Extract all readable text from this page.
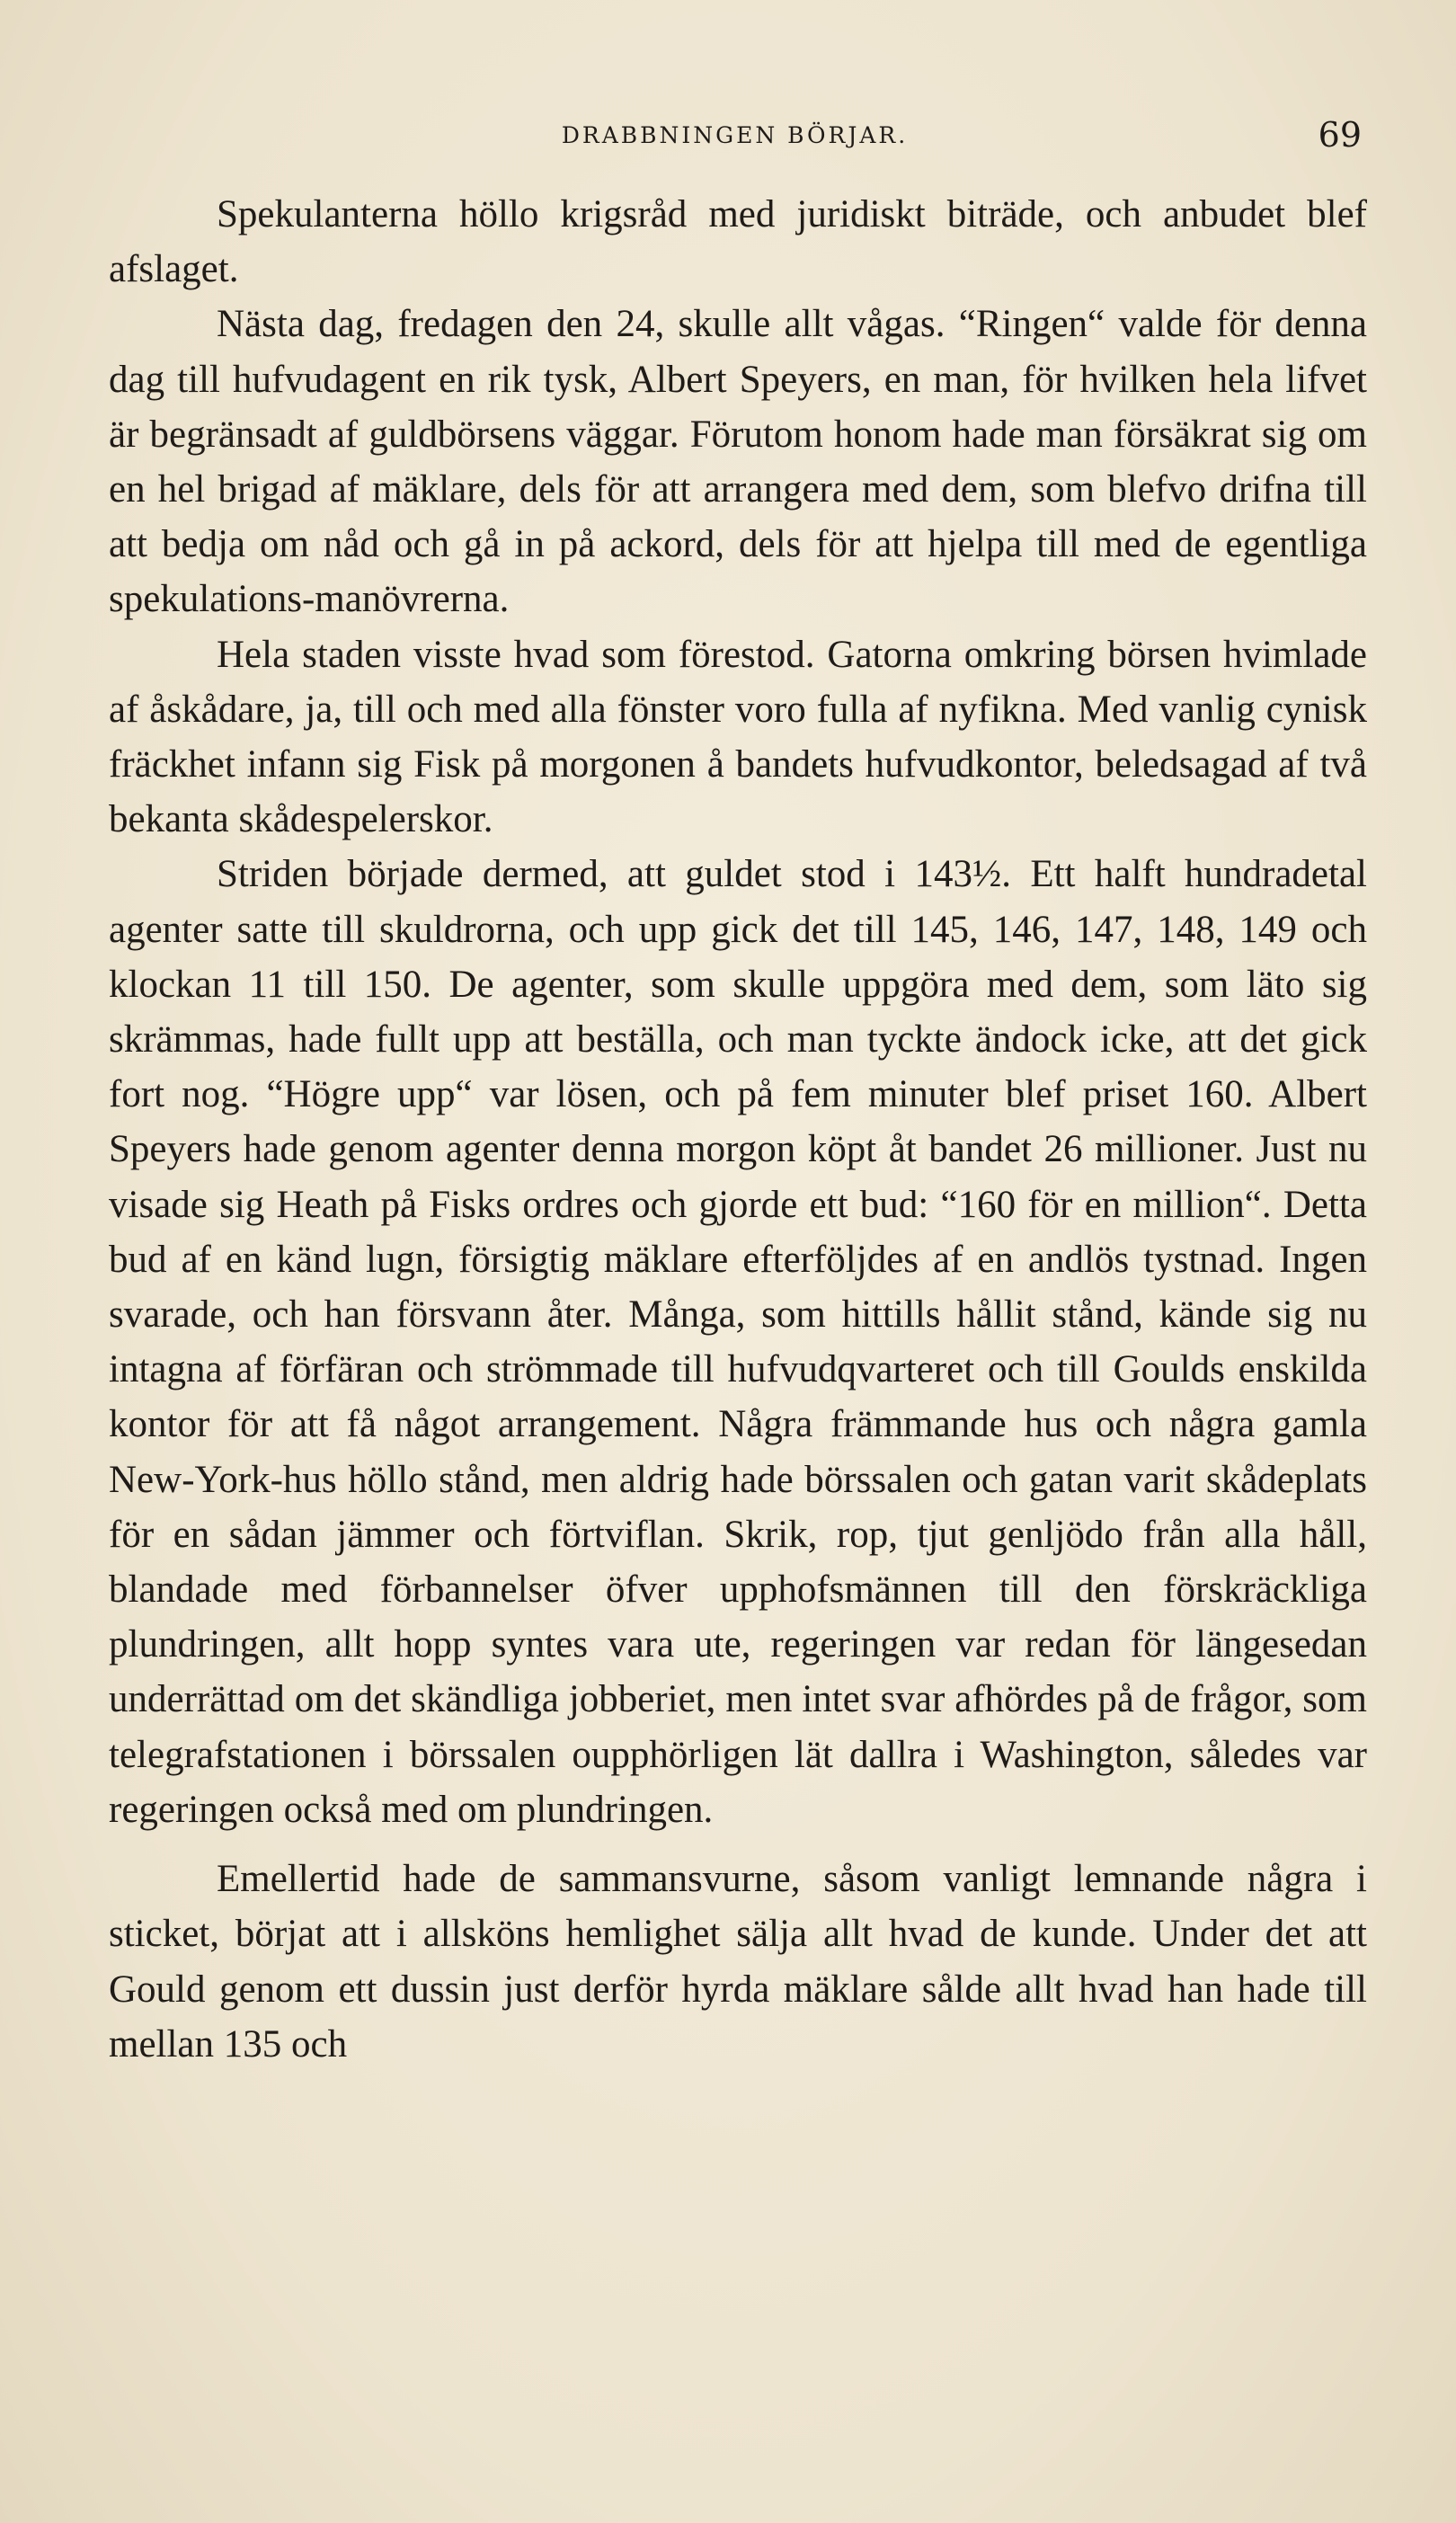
DRABBNINGEN BÖRJAR.	69

Spekulanterna höllo krigsråd med juridiskt biträde, och anbudet blef afslaget.

Nästa dag, fredagen den 24, skulle allt vågas. “Ringen“ valde för denna dag till hufvudagent en rik tysk, Albert Speyers, en man, för hvilken hela lifvet är begränsadt af guldbörsens väggar. Förutom honom hade man försäkrat sig om en hel brigad af mäklare, dels för att arrangera med dem, som blefvo drifna till att bedja om nåd och gå in på ackord, dels för att hjelpa till med de egentliga spekulations-manövrerna.

Hela staden visste hvad som förestod. Gatorna omkring börsen hvimlade af åskådare, ja, till och med alla fönster voro fulla af nyfikna. Med vanlig cynisk fräckhet infann sig Fisk på morgonen å bandets hufvudkontor, beledsagad af två bekanta skådespelerskor.

Striden började dermed, att guldet stod i 143½. Ett halft hundradetal agenter satte till skuldrorna, och upp gick det till 145, 146, 147, 148, 149 och klockan 11 till 150. De agenter, som skulle uppgöra med dem, som läto sig skrämmas, hade fullt upp att beställa, och man tyckte ändock icke, att det gick fort nog. “Högre upp“ var lösen, och på fem minuter blef priset 160. Albert Speyers hade genom agenter denna morgon köpt åt bandet 26 millioner. Just nu visade sig Heath på Fisks ordres och gjorde ett bud: “160 för en million“. Detta bud af en känd lugn, försigtig mäklare efterföljdes af en andlös tystnad. Ingen svarade, och han försvann åter. Många, som hittills hållit stånd, kände sig nu intagna af förfäran och strömmade till hufvudqvarteret och till Goulds enskilda kontor för att få något arrangement. Några främmande hus och några gamla New-York-hus höllo stånd, men aldrig hade börssalen och gatan varit skådeplats för en sådan jämmer och förtviflan. Skrik, rop, tjut genljödo från alla håll, blandade med förbannelser öfver upphofsmännen till den förskräckliga plundringen, allt hopp syntes vara ute, regeringen var redan för längesedan underrättad om det skändliga jobberiet, men intet svar afhördes på de frågor, som telegrafstationen i börssalen oupphörligen lät dallra i Washington, således var regeringen också med om plundringen.

Emellertid hade de sammansvurne, såsom vanligt lemnande några i sticket, börjat att i allsköns hemlighet sälja allt hvad de kunde. Under det att Gould genom ett dussin just derför hyrda mäklare sålde allt hvad han hade till mellan 135 och
